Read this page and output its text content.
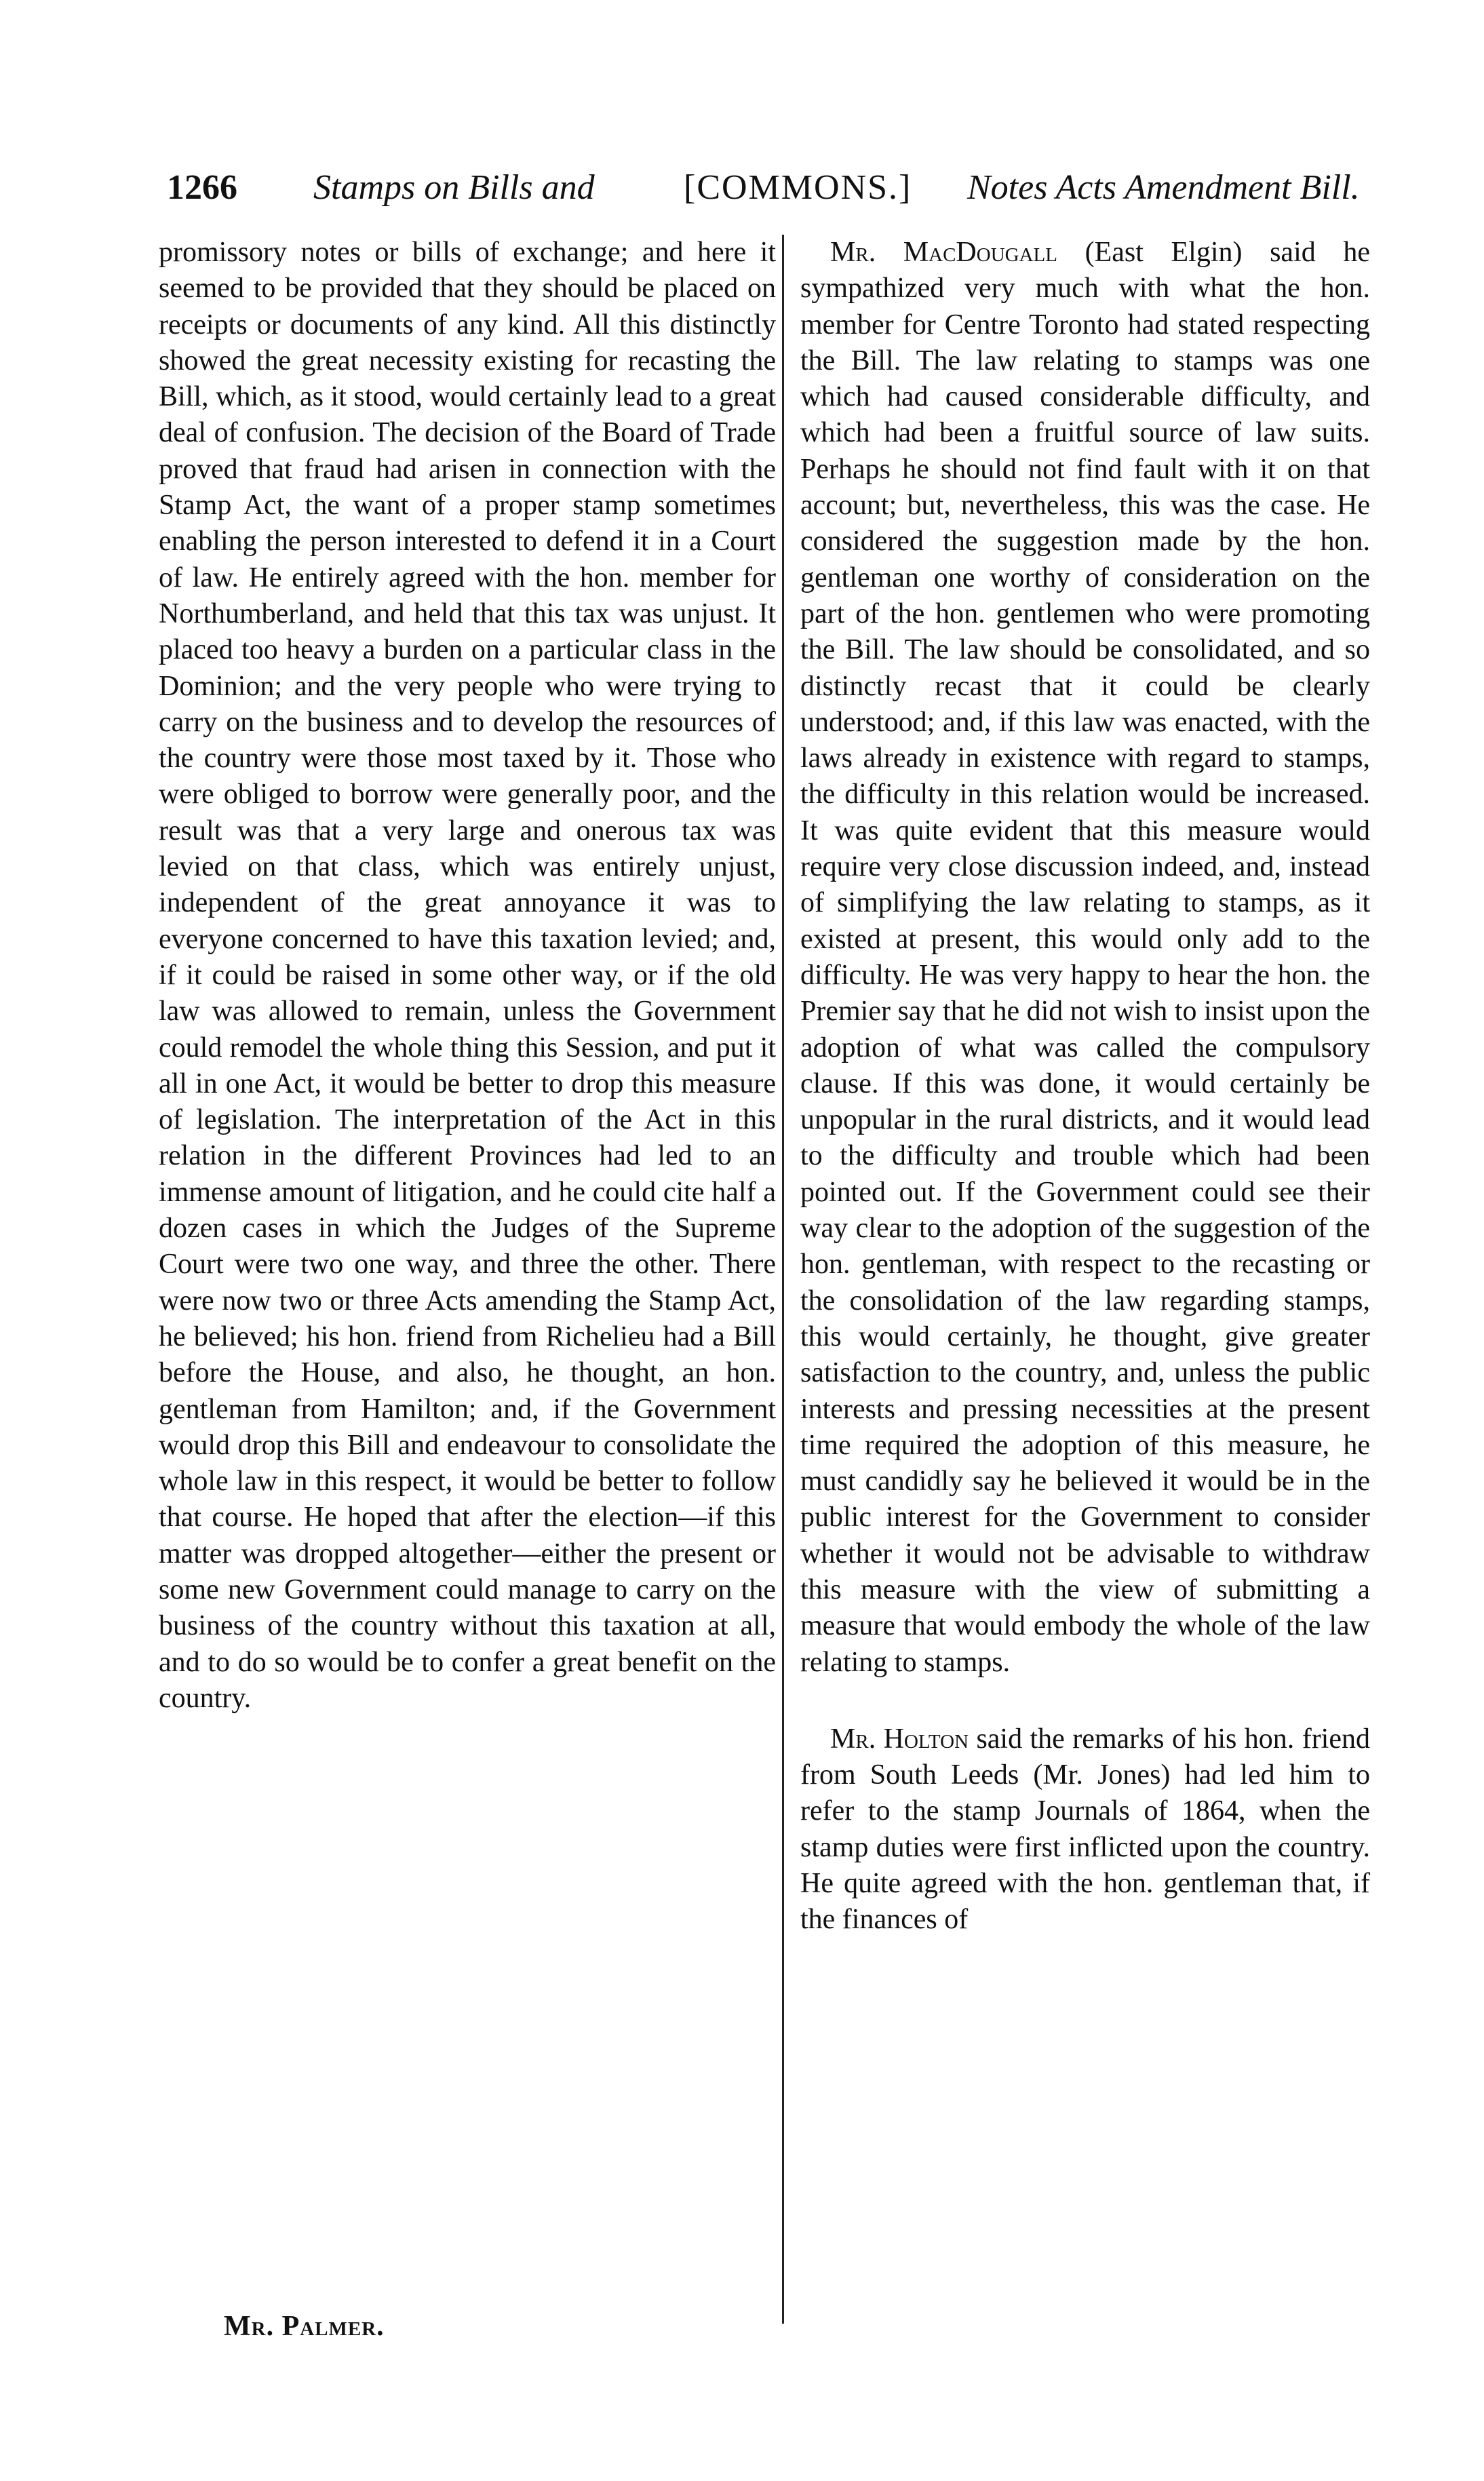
1266 Stamps on Bills and	[COMMONS.] Notes Acts Amendment Bill.

promissory notes or bills of exchange; and here it seemed to be provided that they should be placed on receipts or documents of any kind. All this distinctly showed the great necessity existing for recasting the Bill, which, as it stood, would certainly lead to a great deal of confusion. The decision of the Board of Trade proved that fraud had arisen in connection with the Stamp Act, the want of a proper stamp sometimes enabling the person interested to defend it in a Court of law. He entirely agreed with the hon. member for Northumberland, and held that this tax was unjust. It placed too heavy a burden on a particular class in the Dominion; and the very people who were trying to carry on the business and to develop the resources of the country were those most taxed by it. Those who were obliged to borrow were generally poor, and the result was that a very large and onerous tax was levied on that class, which was entirely unjust, independent of the great annoyance it was to everyone concerned to have this taxation levied; and, if it could be raised in some other way, or if the old law was allowed to remain, unless the Government could remodel the whole thing this Session, and put it all in one Act, it would be better to drop this measure of legislation. The interpretation of the Act in this relation in the different Provinces had led to an immense amount of litigation, and he could cite half a dozen cases in which the Judges of the Supreme Court were two one way, and three the other. There were now two or three Acts amending the Stamp Act, he believed; his hon. friend from Richelieu had a Bill before the House, and also, he thought, an hon. gentleman from Hamilton; and, if the Government would drop this Bill and endeavour to consolidate the whole law in this respect, it would be better to follow that course. He hoped that after the election—if this matter was dropped altogether—either the present or some new Government could manage to carry on the business of the country without this taxation at all, and to do so would be to confer a great benefit on the country.

Mr. MacDougall (East Elgin) said he sympathized very much with what the hon. member for Centre Toronto had stated respecting the Bill. The law relating to stamps was one which had caused considerable difficulty, and which had been a fruitful source of law suits. Perhaps he should not find fault with it on that account; but, nevertheless, this was the case. He considered the suggestion made by the hon. gentleman one worthy of consideration on the part of the hon. gentlemen who were promoting the Bill. The law should be consolidated, and so distinctly recast that it could be clearly understood; and, if this law was enacted, with the laws already in existence with regard to stamps, the difficulty in this relation would be increased. It was quite evident that this measure would require very close discussion indeed, and, instead of simplifying the law relating to stamps, as it existed at present, this would only add to the difficulty. He was very happy to hear the hon. the Premier say that he did not wish to insist upon the adoption of what was called the compulsory clause. If this was done, it would certainly be unpopular in the rural districts, and it would lead to the difficulty and trouble which had been pointed out. If the Government could see their way clear to the adoption of the suggestion of the hon. gentleman, with respect to the recasting or the consolidation of the law regarding stamps, this would certainly, he thought, give greater satisfaction to the country, and, unless the public interests and pressing necessities at the present time required the adoption of this measure, he must candidly say he believed it would be in the public interest for the Government to consider whether it would not be advisable to withdraw this measure with the view of submitting a measure that would embody the whole of the law relating to stamps.

Mr. Holton said the remarks of his hon. friend from South Leeds (Mr. Jones) had led him to refer to the stamp Journals of 1864, when the stamp duties were first inflicted upon the country. He quite agreed with the hon. gentleman that, if the finances of

Mr. Palmer.
